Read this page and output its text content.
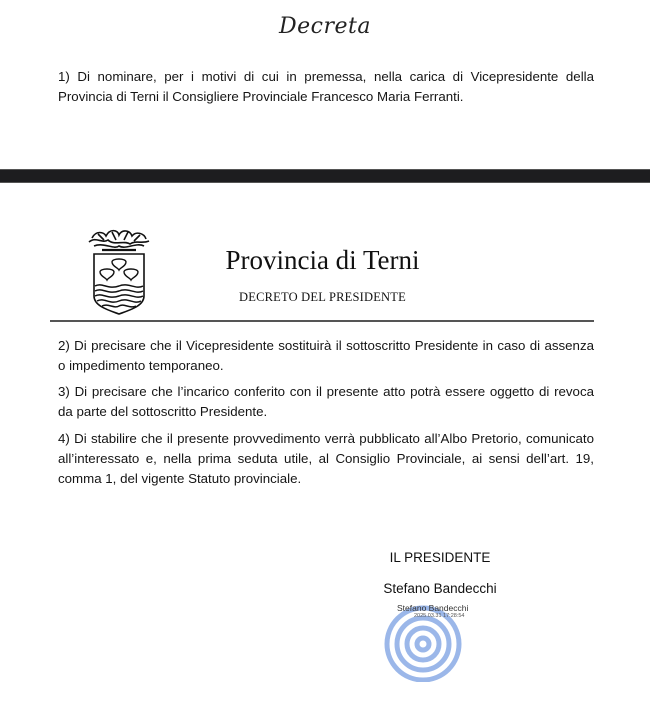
Decreta
1) Di nominare, per i motivi di cui in premessa, nella carica di Vicepresidente della Provincia di Terni il Consigliere Provinciale Francesco Maria Ferranti.
Provincia di Terni
DECRETO DEL PRESIDENTE
2) Di precisare che il Vicepresidente sostituirà il sottoscritto Presidente in caso di assenza o impedimento temporaneo.
3) Di precisare che l’incarico conferito con il presente atto potrà essere oggetto di revoca da parte del sottoscritto Presidente.
4) Di stabilire che il presente provvedimento verrà pubblicato all’Albo Pretorio, comunicato all’interessato e, nella prima seduta utile, al Consiglio Provinciale, ai sensi dell’art. 19, comma 1, del vigente Statuto provinciale.
IL PRESIDENTE
Stefano Bandecchi
Stefano Bandecchi
2025.03.31 17:28:54
